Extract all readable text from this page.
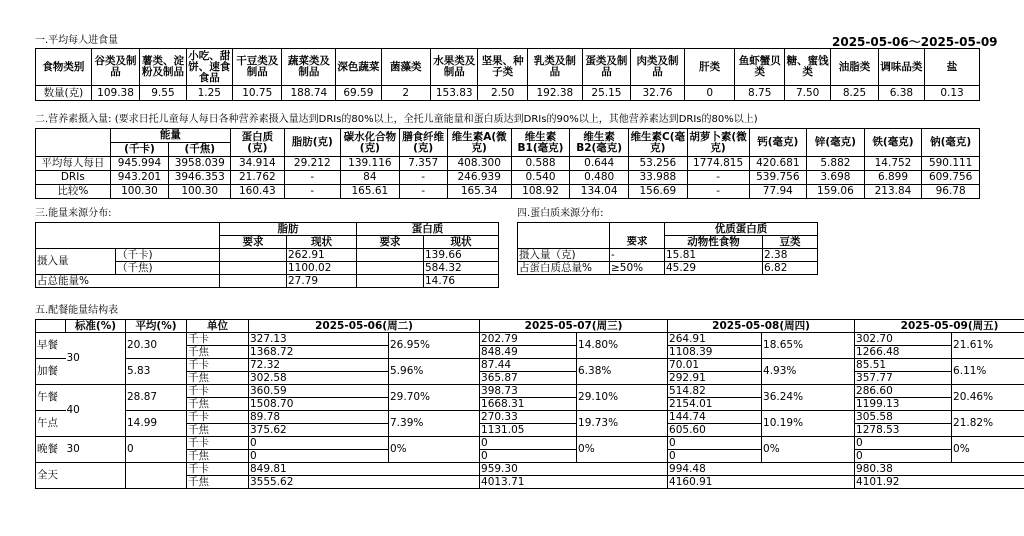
一.平均每人进食量	2025-05-06～2025-05-09
食物类别	谷类及制品	薯类、淀粉及制品	小吃、甜饼、速食食品	干豆类及制品	蔬菜类及制品	深色蔬菜	菌藻类	水果类及制品	坚果、种子类	乳类及制品	蛋类及制品	肉类及制品	肝类	鱼虾蟹贝类	糖、蜜饯类	油脂类	调味品类	盐
数量(克)	109.38	9.55	1.25	10.75	188.74	69.59	2	153.83	2.50	192.38	25.15	32.76	0	8.75	7.50	8.25	6.38	0.13
二.营养素摄入量: (要求日托儿童每人每日各种营养素摄入量达到DRIs的80%以上，全托儿童能量和蛋白质达到DRIs的90%以上，其他营养素达到DRIs的80%以上)
	能量		蛋白质(克)	脂肪(克)	碳水化合物(克)	膳食纤维(克)	维生素A(微克)	维生素B1(毫克)	维生素B2(毫克)	维生素C(毫克)	胡萝卜素(微克)	钙(毫克)	锌(毫克)	铁(毫克)	钠(毫克)
	(千卡)	(千焦)													
平均每人每日	945.994	3958.039	34.914	29.212	139.116	7.357	408.300	0.588	0.644	53.256	1774.815	420.681	5.882	14.752	590.111
DRIs	943.201	3946.353	21.762	-	84	-	246.939	0.540	0.480	33.988	-	539.756	3.698	6.899	609.756
比较%	100.30	100.30	160.43	-	165.61	-	165.34	108.92	134.04	156.69	-	77.94	159.06	213.84	96.78
三.能量来源分布:	四.蛋白质来源分布:
		脂肪		蛋白质	
		要求	现状	要求	现状
摄入量	（千卡)		262.91		139.66
	（千焦)		1100.02		584.32
占总能量%			27.79		14.76
		优质蛋白质	
	要求	动物性食物	豆类
摄入量（克)	-	15.81	2.38
占蛋白质总量%	≥50%	45.29	6.82
五.配餐能量结构表
	标准(%)	平均(%)	单位	2025-05-06(周二)		2025-05-07(周三)		2025-05-08(周四)		2025-05-09(周五)	
早餐	30	20.30	千卡	327.13	26.95%	202.79	14.80%	264.91	18.65%	302.70	21.61%
			千焦	1368.72		848.49		1108.39		1266.48	
加餐		5.83	千卡	72.32	5.96%	87.44	6.38%	70.01	4.93%	85.51	6.11%
			千焦	302.58		365.87		292.91		357.77	
午餐	40	28.87	千卡	360.59	29.70%	398.73	29.10%	514.82	36.24%	286.60	20.46%
			千焦	1508.70		1668.31		2154.01		1199.13	
午点		14.99	千卡	89.78	7.39%	270.33	19.73%	144.74	10.19%	305.58	21.82%
			千焦	375.62		1131.05		605.60		1278.53	
晚餐	30	0	千卡	0	0%	0	0%	0	0%	0	0%
			千焦	0		0		0		0	
全天			千卡	849.81		959.30		994.48		980.38	
			千焦	3555.62		4013.71		4160.91		4101.92	
